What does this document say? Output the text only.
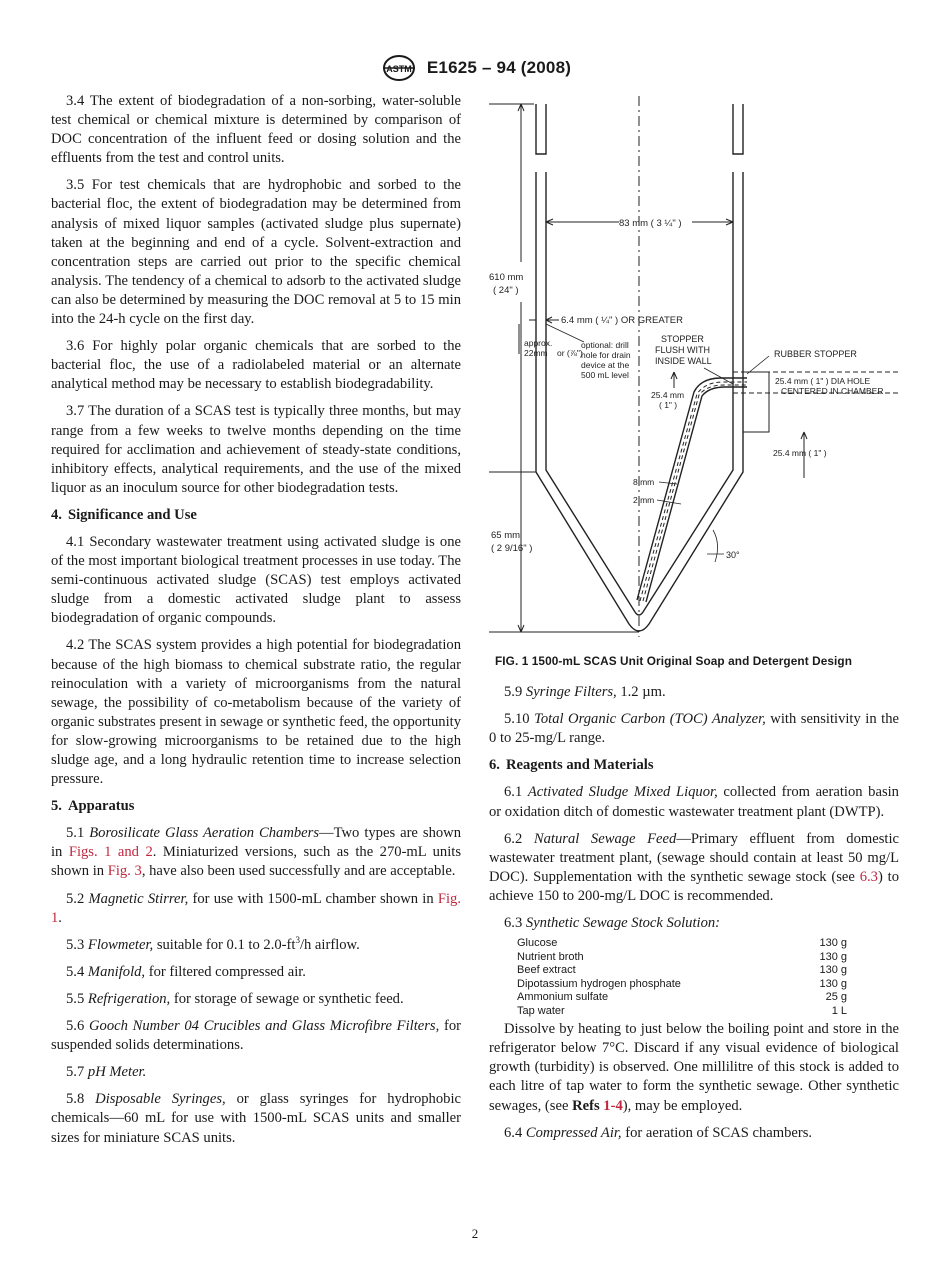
ASTM E1625 – 94 (2008)

3.4 The extent of biodegradation of a non-sorbing, water-soluble test chemical or chemical mixture is determined by comparison of DOC concentration of the influent feed or dosing solution and the effluents from the test and control units.

3.5 For test chemicals that are hydrophobic and sorbed to the bacterial floc, the extent of biodegradation may be determined from analysis of mixed liquor samples (activated sludge plus supernate) taken at the beginning and end of a cycle. Solvent-extraction and concentration steps are carried out prior to the specific chemical analysis. The tendency of a chemical to adsorb to the activated sludge can also be determined by measuring the DOC removal at 5 to 15 min into the 24-h cycle on the first day.

3.6 For highly polar organic chemicals that are sorbed to the bacterial floc, the use of a radiolabeled material or an alternate analytical method may be necessary to establish biodegradability.

3.7 The duration of a SCAS test is typically three months, but may range from a few weeks to twelve months depending on the time required for acclimation and achievement of steady-state conditions, inhibitory effects, analytical requirements, and the use of the mixed liquor as an inoculum source for other biodegradation tests.

4. Significance and Use

4.1 Secondary wastewater treatment using activated sludge is one of the most important biological treatment processes in use today. The semi-continuous activated sludge (SCAS) test employs activated sludge from a domestic activated sludge plant to assess biodegradation of organic compounds.

4.2 The SCAS system provides a high potential for biodegradation because of the high biomass to chemical substrate ratio, the regular reinoculation with a variety of microorganisms from the natural sewage, the possibility of co-metabolism because of the variety of organic substrates present in sewage or synthetic feed, the opportunity for slow-growing microorganisms to be retained due to the high sludge age, and a long hydraulic retention time to increase selection pressure.

5. Apparatus

5.1 Borosilicate Glass Aeration Chambers—Two types are shown in Figs. 1 and 2. Miniaturized versions, such as the 270-mL units shown in Fig. 3, have also been used successfully and are acceptable.

5.2 Magnetic Stirrer, for use with 1500-mL chamber shown in Fig. 1.

5.3 Flowmeter, suitable for 0.1 to $2.0-ft^3/h$ airflow.

5.4 Manifold, for filtered compressed air.

5.5 Refrigeration, for storage of sewage or synthetic feed.

5.6 Gooch Number 04 Crucibles and Glass Microfibre Filters, for suspended solids determinations.

5.7 pH Meter.

5.8 Disposable Syringes, or glass syringes for hydrophobic chemicals—60 mL for use with 1500-mL SCAS units and smaller sizes for miniature SCAS units.

83 mm ( 3 ¼" )
610 mm
( 24" )
6.4 mm ( ¼" ) OR GREATER
approx.
22mm or (⅞")
optional: drill
hole for drain
device at the
500 mL level
STOPPER
FLUSH WITH
INSIDE WALL
RUBBER STOPPER
25.4 mm ( 1" ) DIA HOLE
CENTERED IN CHAMBER
25.4 mm
( 1" )
25.4 mm ( 1" )
8 mm
2 mm
65 mm
( 2 9/16" )
30°
FIG. 1 1500-mL SCAS Unit Original Soap and Detergent Design

5.9 Syringe Filters, 1.2 µm.

5.10 Total Organic Carbon (TOC) Analyzer, with sensitivity in the 0 to 25-mg/L range.

6. Reagents and Materials

6.1 Activated Sludge Mixed Liquor, collected from aeration basin or oxidation ditch of domestic wastewater treatment plant (DWTP).

6.2 Natural Sewage Feed—Primary effluent from domestic wastewater treatment plant, (sewage should contain at least 50 mg/L DOC). Supplementation with the synthetic sewage stock (see 6.3) to achieve 150 to 200-mg/L DOC is recommended.

6.3 Synthetic Sewage Stock Solution:

Glucose	130 g
Nutrient broth	130 g
Beef extract	130 g
Dipotassium hydrogen phosphate	130 g
Ammonium sulfate	25 g
Tap water	1 L

Dissolve by heating to just below the boiling point and store in the refrigerator below 7°C. Discard if any visual evidence of biological growth (turbidity) is observed. One millilitre of this stock is added to each litre of tap water to form the synthetic sewage. Other synthetic sewages, (see Refs 1-4), may be employed.

6.4 Compressed Air, for aeration of SCAS chambers.

2
